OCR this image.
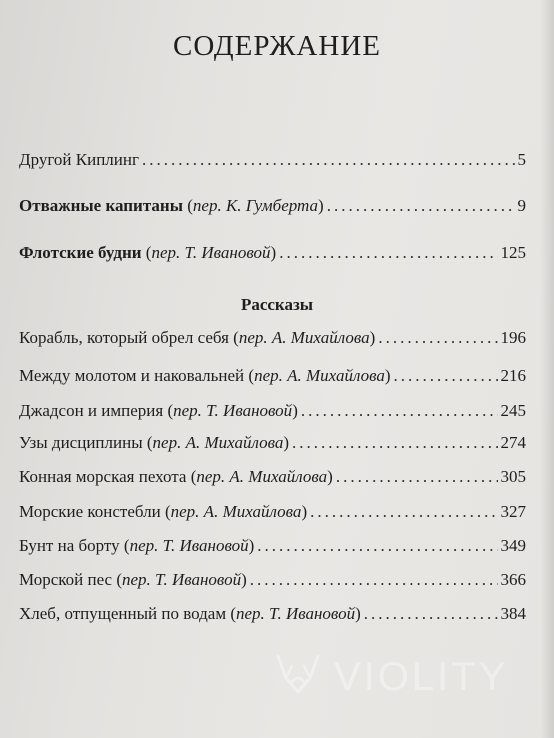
СОДЕРЖАНИЕ
Другой Киплинг .....	5
Отважные капитаны (пер. К. Гумберта) .....	9
Флотские будни (пер. Т. Ивановой) .....	125
Рассказы
Корабль, который обрел себя (пер. А. Михайлова) .....	196
Между молотом и наковальней (пер. А. Михайлова) .....	216
Джадсон и империя (пер. Т. Ивановой) .....	245
Узы дисциплины (пер. А. Михайлова) .....	274
Конная морская пехота (пер. А. Михайлова) .....	305
Морские констебли (пер. А. Михайлова) .....	327
Бунт на борту (пер. Т. Ивановой) .....	349
Морской пес (пер. Т. Ивановой) .....	366
Хлеб, отпущенный по водам (пер. Т. Ивановой) .....	384
VIOLITY
